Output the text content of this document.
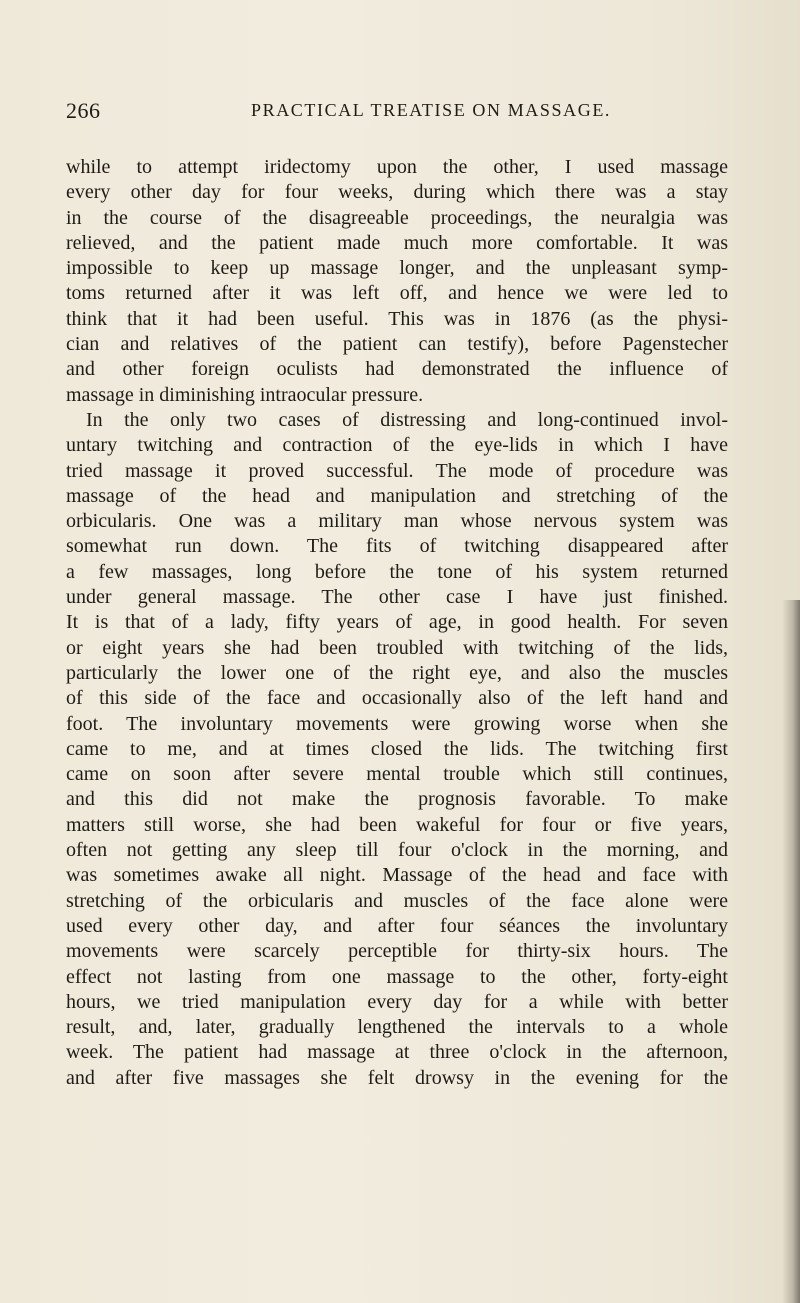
266	PRACTICAL TREATISE ON MASSAGE.
while to attempt iridectomy upon the other, I used massage
every other day for four weeks, during which there was a stay
in the course of the disagreeable proceedings, the neuralgia was
relieved, and the patient made much more comfortable. It was
impossible to keep up massage longer, and the unpleasant symp-
toms returned after it was left off, and hence we were led to
think that it had been useful. This was in 1876 (as the physi-
cian and relatives of the patient can testify), before Pagenstecher
and other foreign oculists had demonstrated the influence of
massage in diminishing intraocular pressure.
In the only two cases of distressing and long-continued invol-
untary twitching and contraction of the eye-lids in which I have
tried massage it proved successful. The mode of procedure was
massage of the head and manipulation and stretching of the
orbicularis. One was a military man whose nervous system was
somewhat run down. The fits of twitching disappeared after
a few massages, long before the tone of his system returned
under general massage. The other case I have just finished.
It is that of a lady, fifty years of age, in good health. For seven
or eight years she had been troubled with twitching of the lids,
particularly the lower one of the right eye, and also the muscles
of this side of the face and occasionally also of the left hand and
foot. The involuntary movements were growing worse when she
came to me, and at times closed the lids. The twitching first
came on soon after severe mental trouble which still continues,
and this did not make the prognosis favorable. To make
matters still worse, she had been wakeful for four or five years,
often not getting any sleep till four o'clock in the morning, and
was sometimes awake all night. Massage of the head and face with
stretching of the orbicularis and muscles of the face alone were
used every other day, and after four séances the involuntary
movements were scarcely perceptible for thirty-six hours. The
effect not lasting from one massage to the other, forty-eight
hours, we tried manipulation every day for a while with better
result, and, later, gradually lengthened the intervals to a whole
week. The patient had massage at three o'clock in the afternoon,
and after five massages she felt drowsy in the evening for the
